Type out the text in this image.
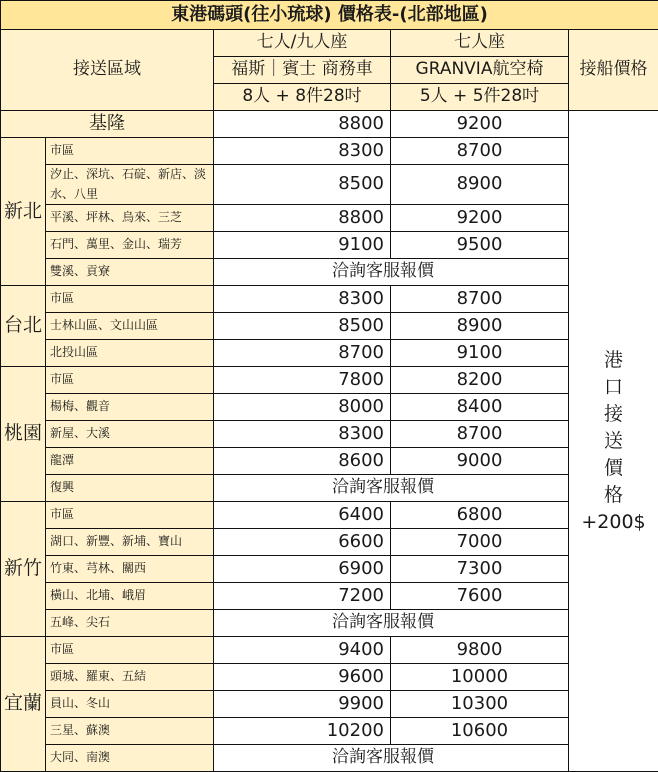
東港碼頭(往小琉球) 價格表-(北部地區)				
接送區域		七人/九人座	七人座	接船價格
		福斯｜賓士 商務車	GRANVIA航空椅	
		8人 + 8件28吋	5人 + 5件28吋	
基隆	8800	9200	
港
口
接
送
價
格
+200$

新北	市區	8300	8700	
	汐止、深坑、石碇、新店、淡水、八里	8500	8900	
	平溪、坪林、烏來、三芝	8800	9200	
	石門、萬里、金山、瑞芳	9100	9500	
	雙溪、貢寮	洽詢客服報價		
台北	市區	8300	8700	
	士林山區、文山山區	8500	8900	
	北投山區	8700	9100	
桃園	市區	7800	8200	
	楊梅、觀音	8000	8400	
	新屋、大溪	8300	8700	
	龍潭	8600	9000	
	復興	洽詢客服報價		
新竹	市區	6400	6800	
	湖口、新豐、新埔、寶山	6600	7000	
	竹東、芎林、關西	6900	7300	
	橫山、北埔、峨眉	7200	7600	
	五峰、尖石	洽詢客服報價		
宜蘭	市區	9400	9800	
	頭城、羅東、五結	9600	10000	
	員山、冬山	9900	10300	
	三星、蘇澳	10200	10600	
	大同、南澳	洽詢客服報價		
